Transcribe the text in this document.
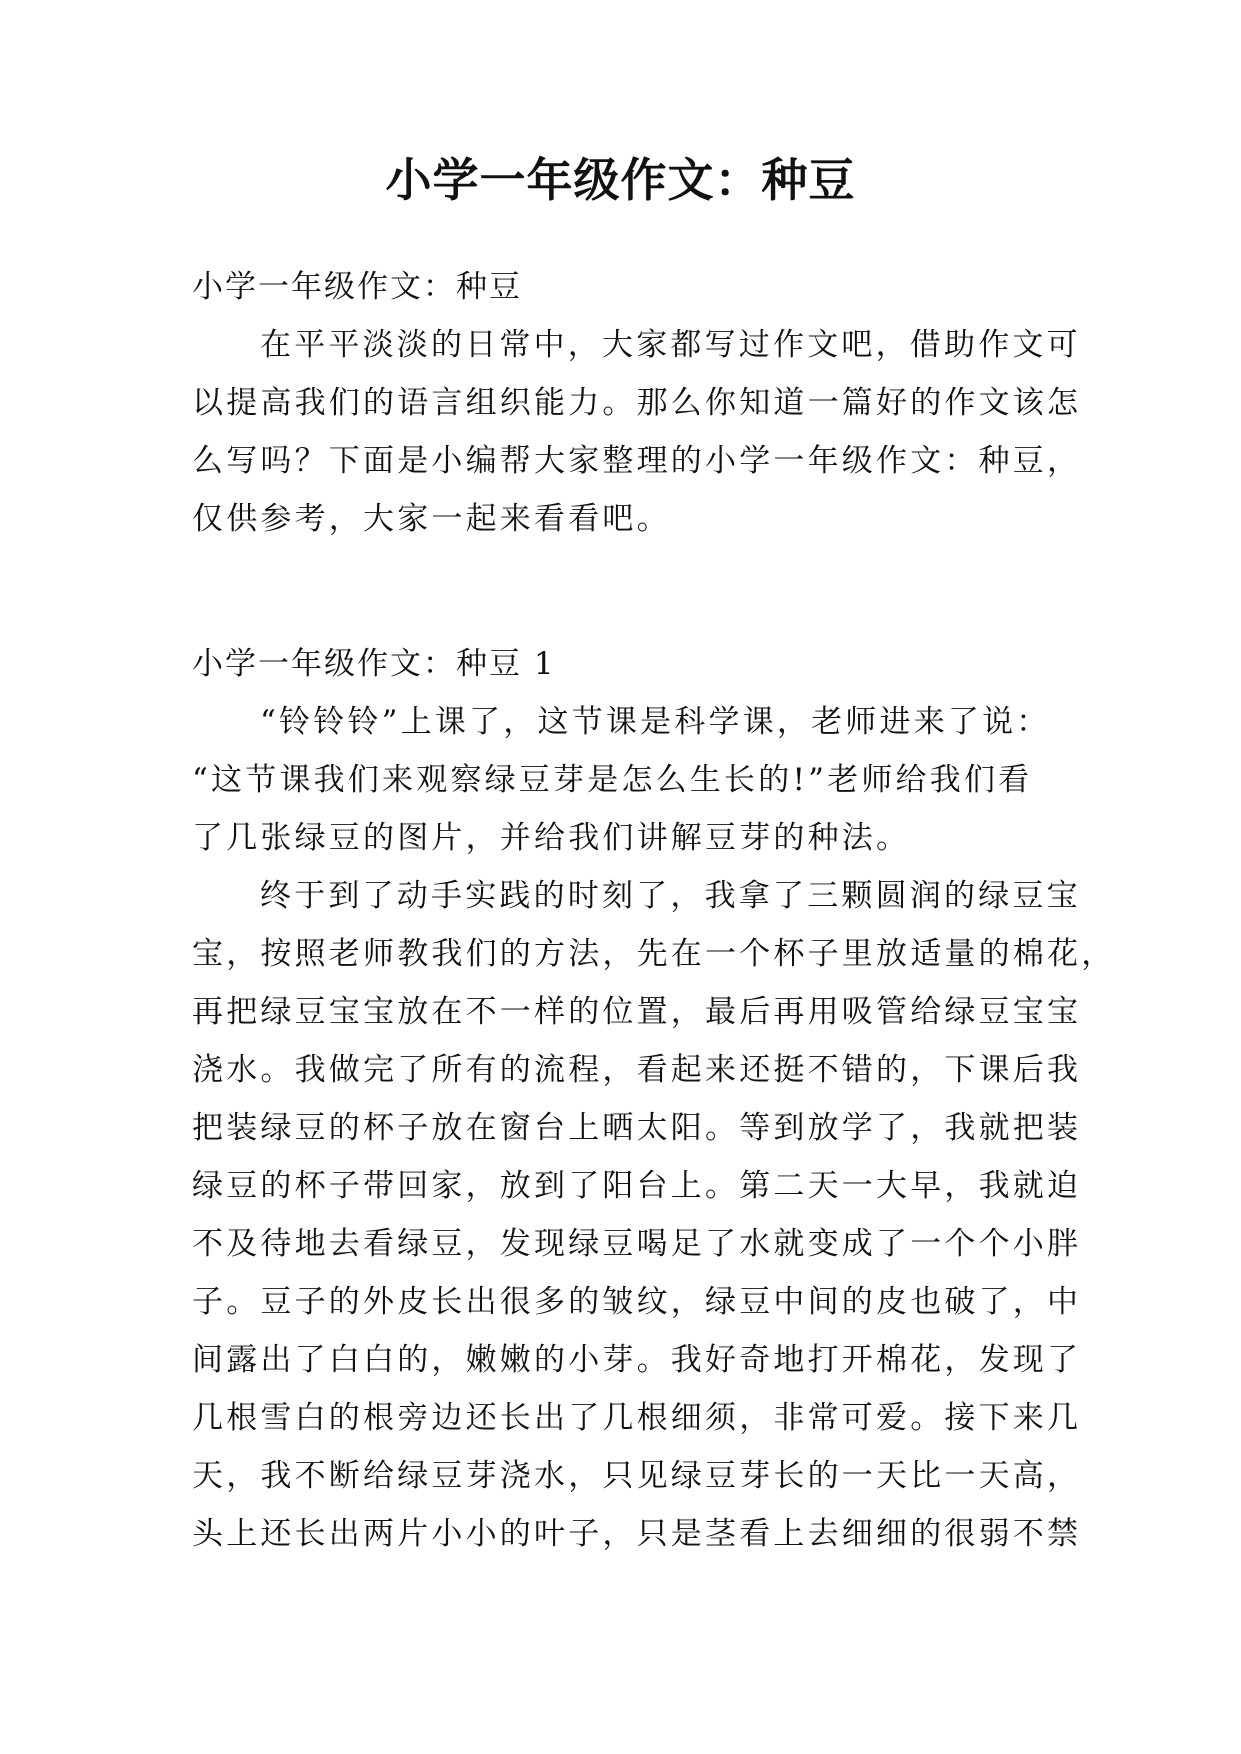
小学一年级作文：种豆
小学一年级作文：种豆
在平平淡淡的日常中，大家都写过作文吧，借助作文可
以提高我们的语言组织能力。那么你知道一篇好的作文该怎
么写吗？下面是小编帮大家整理的小学一年级作文：种豆，
仅供参考，大家一起来看看吧。
小学一年级作文：种豆 1
“铃铃铃”上课了，这节课是科学课，老师进来了说：
“这节课我们来观察绿豆芽是怎么生长的!”老师给我们看
了几张绿豆的图片，并给我们讲解豆芽的种法。
终于到了动手实践的时刻了，我拿了三颗圆润的绿豆宝
宝，按照老师教我们的方法，先在一个杯子里放适量的棉花，
再把绿豆宝宝放在不一样的位置，最后再用吸管给绿豆宝宝
浇水。我做完了所有的流程，看起来还挺不错的，下课后我
把装绿豆的杯子放在窗台上晒太阳。等到放学了，我就把装
绿豆的杯子带回家，放到了阳台上。第二天一大早，我就迫
不及待地去看绿豆，发现绿豆喝足了水就变成了一个个小胖
子。豆子的外皮长出很多的皱纹，绿豆中间的皮也破了，中
间露出了白白的，嫩嫩的小芽。我好奇地打开棉花，发现了
几根雪白的根旁边还长出了几根细须，非常可爱。接下来几
天，我不断给绿豆芽浇水，只见绿豆芽长的一天比一天高，
头上还长出两片小小的叶子，只是茎看上去细细的很弱不禁
